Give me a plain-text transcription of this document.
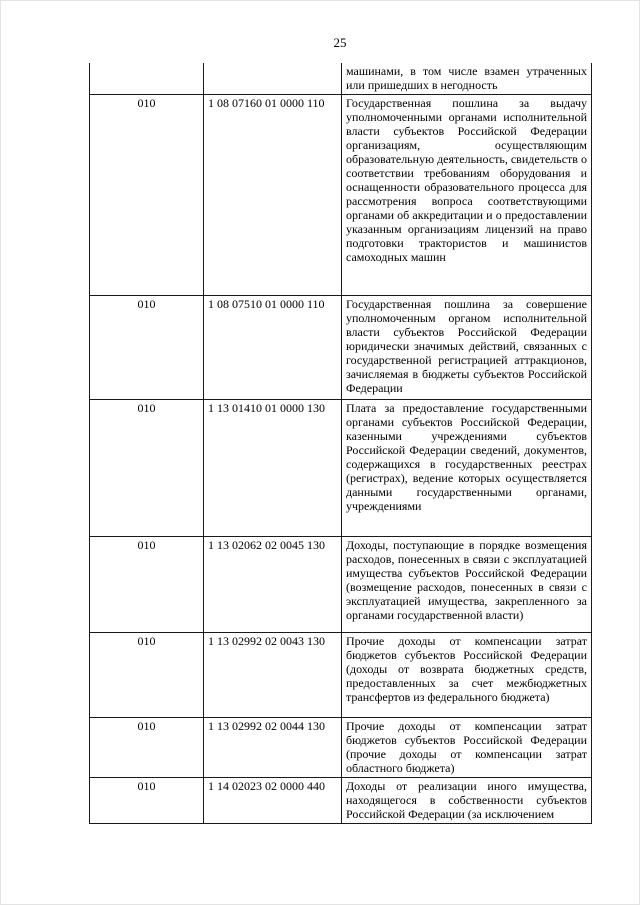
25
		машинами, в том числе взамен утраченных или пришедших в негодность
010	1 08 07160 01 0000 110	Государственная пошлина за выдачу уполномоченными органами исполнительной власти субъектов Российской Федерации организациям, осуществляющим образовательную деятельность, свидетельств о соответствии требованиям оборудования и оснащенности образовательного процесса для рассмотрения вопроса соответствующими органами об аккредитации и о предоставлении указанным организациям лицензий на право подготовки трактористов и машинистов самоходных машин
010	1 08 07510 01 0000 110	Государственная пошлина за совершение уполномоченным органом исполнительной власти субъектов Российской Федерации юридически значимых действий, связанных с государственной регистрацией аттракционов, зачисляемая в бюджеты субъектов Российской Федерации
010	1 13 01410 01 0000 130	Плата за предоставление государственными органами субъектов Российской Федерации, казенными учреждениями субъектов Российской Федерации сведений, документов, содержащихся в государственных реестрах (регистрах), ведение которых осуществляется данными государственными органами, учреждениями
010	1 13 02062 02 0045 130	Доходы, поступающие в порядке возмещения расходов, понесенных в связи с эксплуатацией имущества субъектов Российской Федерации (возмещение расходов, понесенных в связи с эксплуатацией имущества, закрепленного за органами государственной власти)
010	1 13 02992 02 0043 130	Прочие доходы от компенсации затрат бюджетов субъектов Российской Федерации (доходы от возврата бюджетных средств, предоставленных за счет межбюджетных трансфертов из федерального бюджета)
010	1 13 02992 02 0044 130	Прочие доходы от компенсации затрат бюджетов субъектов Российской Федерации (прочие доходы от компенсации затрат областного бюджета)
010	1 14 02023 02 0000 440	Доходы от реализации иного имущества, находящегося в собственности субъектов Российской Федерации (за исключением
